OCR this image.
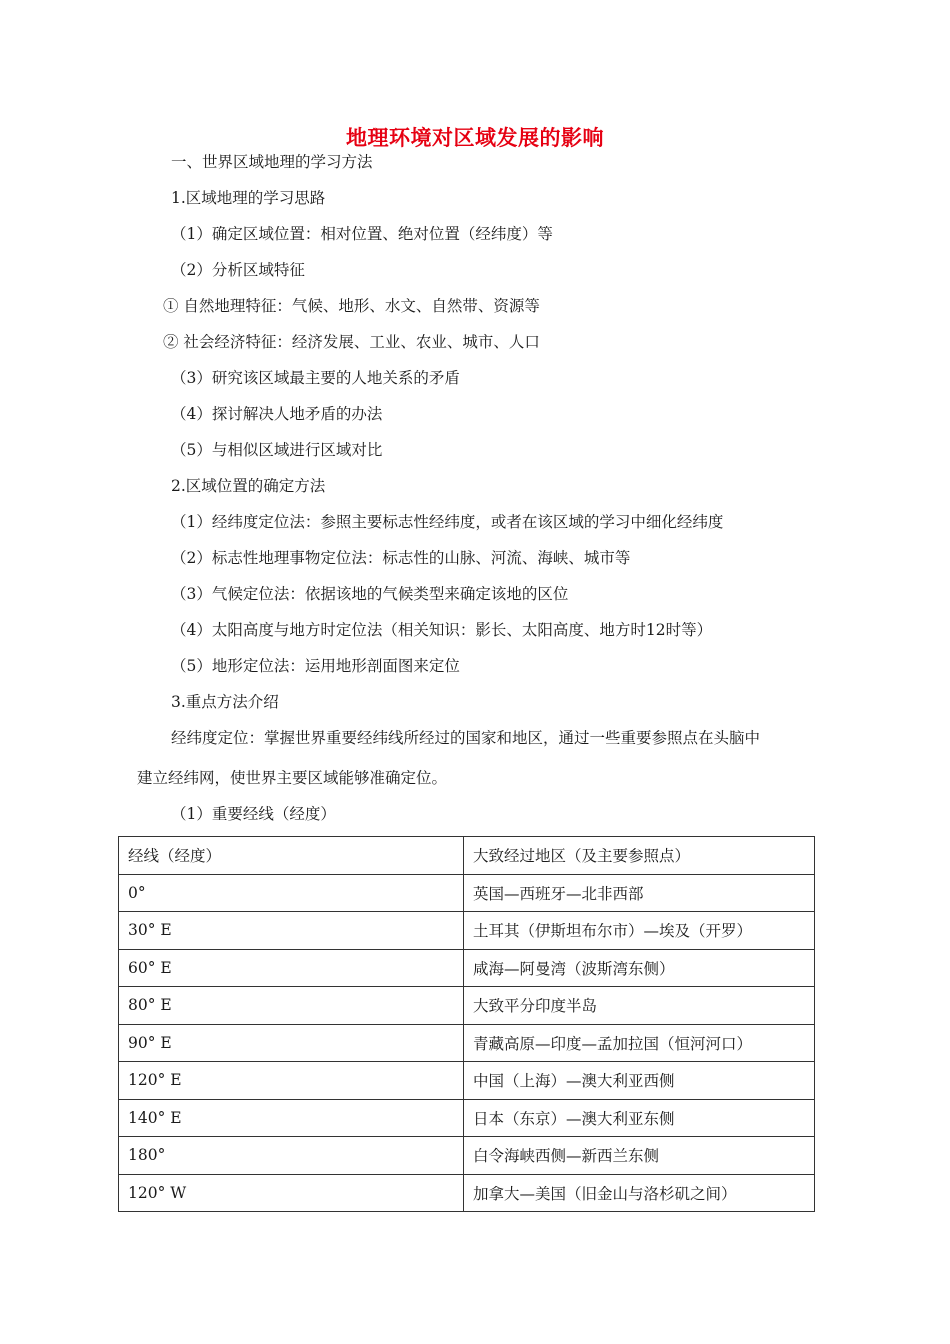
地理环境对区域发展的影响
一、世界区域地理的学习方法
1.区域地理的学习思路
（1）确定区域位置：相对位置、绝对位置（经纬度）等
（2）分析区域特征
① 自然地理特征：气候、地形、水文、自然带、资源等
② 社会经济特征：经济发展、工业、农业、城市、人口
（3）研究该区域最主要的人地关系的矛盾
（4）探讨解决人地矛盾的办法
（5）与相似区域进行区域对比
2.区域位置的确定方法
（1）经纬度定位法：参照主要标志性经纬度，或者在该区域的学习中细化经纬度
（2）标志性地理事物定位法：标志性的山脉、河流、海峡、城市等
（3）气候定位法：依据该地的气候类型来确定该地的区位
（4）太阳高度与地方时定位法（相关知识：影长、太阳高度、地方时12时等）
（5）地形定位法：运用地形剖面图来定位
3.重点方法介绍
经纬度定位：掌握世界重要经纬线所经过的国家和地区，通过一些重要参照点在头脑中
建立经纬网，使世界主要区域能够准确定位。
（1）重要经线（经度）
经线（经度）	大致经过地区（及主要参照点）
0°	英国—西班牙—北非西部
30° E	土耳其（伊斯坦布尔市）—埃及（开罗）
60° E	咸海—阿曼湾（波斯湾东侧）
80° E	大致平分印度半岛
90° E	青藏高原—印度—孟加拉国（恒河河口）
120° E	中国（上海）—澳大利亚西侧
140° E	日本（东京）—澳大利亚东侧
180°	白令海峡西侧—新西兰东侧
120° W	加拿大—美国（旧金山与洛杉矶之间）
